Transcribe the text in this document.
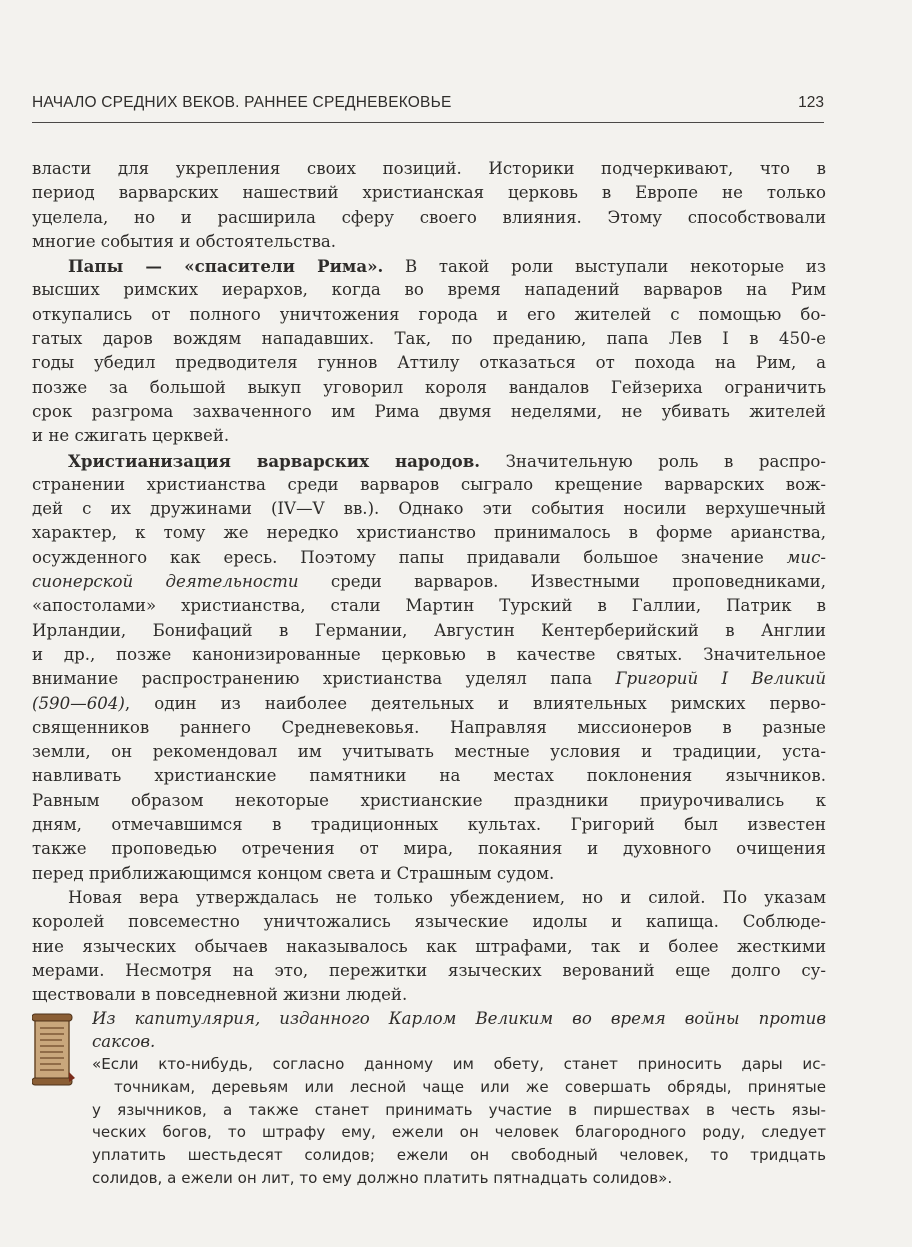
НАЧАЛО СРЕДНИХ ВЕКОВ. РАННЕЕ СРЕДНЕВЕКОВЬЕ	123
власти для укрепления своих позиций. Историки подчеркивают, что в
период варварских нашествий христианская церковь в Европе не только
уцелела, но и расширила сферу своего влияния. Этому способствовали
многие события и обстоятельства.
Папы — «спасители Рима». В такой роли выступали некоторые из
высших римских иерархов, когда во время нападений варваров на Рим
откупались от полного уничтожения города и его жителей с помощью бо-
гатых даров вождям нападавших. Так, по преданию, папа Лев I в 450-е
годы убедил предводителя гуннов Аттилу отказаться от похода на Рим, а
позже за большой выкуп уговорил короля вандалов Гейзериха ограничить
срок разгрома захваченного им Рима двумя неделями, не убивать жителей
и не сжигать церквей.
Христианизация варварских народов. Значительную роль в распро-
странении христианства среди варваров сыграло крещение варварских вож-
дей с их дружинами (IV—V вв.). Однако эти события носили верхушечный
характер, к тому же нередко христианство принималось в форме арианства,
осужденного как ересь. Поэтому папы придавали большое значение мис-
сионерской деятельности среди варваров. Известными проповедниками,
«апостолами» христианства, стали Мартин Турский в Галлии, Патрик в
Ирландии, Бонифаций в Германии, Августин Кентерберийский в Англии
и др., позже канонизированные церковью в качестве святых. Значительное
внимание распространению христианства уделял папа Григорий I Великий
(590—604), один из наиболее деятельных и влиятельных римских перво-
священников раннего Средневековья. Направляя миссионеров в разные
земли, он рекомендовал им учитывать местные условия и традиции, уста-
навливать христианские памятники на местах поклонения язычников.
Равным образом некоторые христианские праздники приурочивались к
дням, отмечавшимся в традиционных культах. Григорий был известен
также проповедью отречения от мира, покаяния и духовного очищения
перед приближающимся концом света и Страшным судом.
Новая вера утверждалась не только убеждением, но и силой. По указам
королей повсеместно уничтожались языческие идолы и капища. Соблюде-
ние языческих обычаев наказывалось как штрафами, так и более жесткими
мерами. Несмотря на это, пережитки языческих верований еще долго су-
ществовали в повседневной жизни людей.
Из капитулярия, изданного Карлом Великим во время войны против
саксов.
«Если кто-нибудь, согласно данному им обету, станет приносить дары ис-
точникам, деревьям или лесной чаще или же совершать обряды, принятые
у язычников, а также станет принимать участие в пиршествах в честь язы-
ческих богов, то штрафу ему, ежели он человек благородного роду, следует
уплатить шестьдесят солидов; ежели он свободный человек, то тридцать
солидов, а ежели он лит, то ему должно платить пятнадцать солидов».
